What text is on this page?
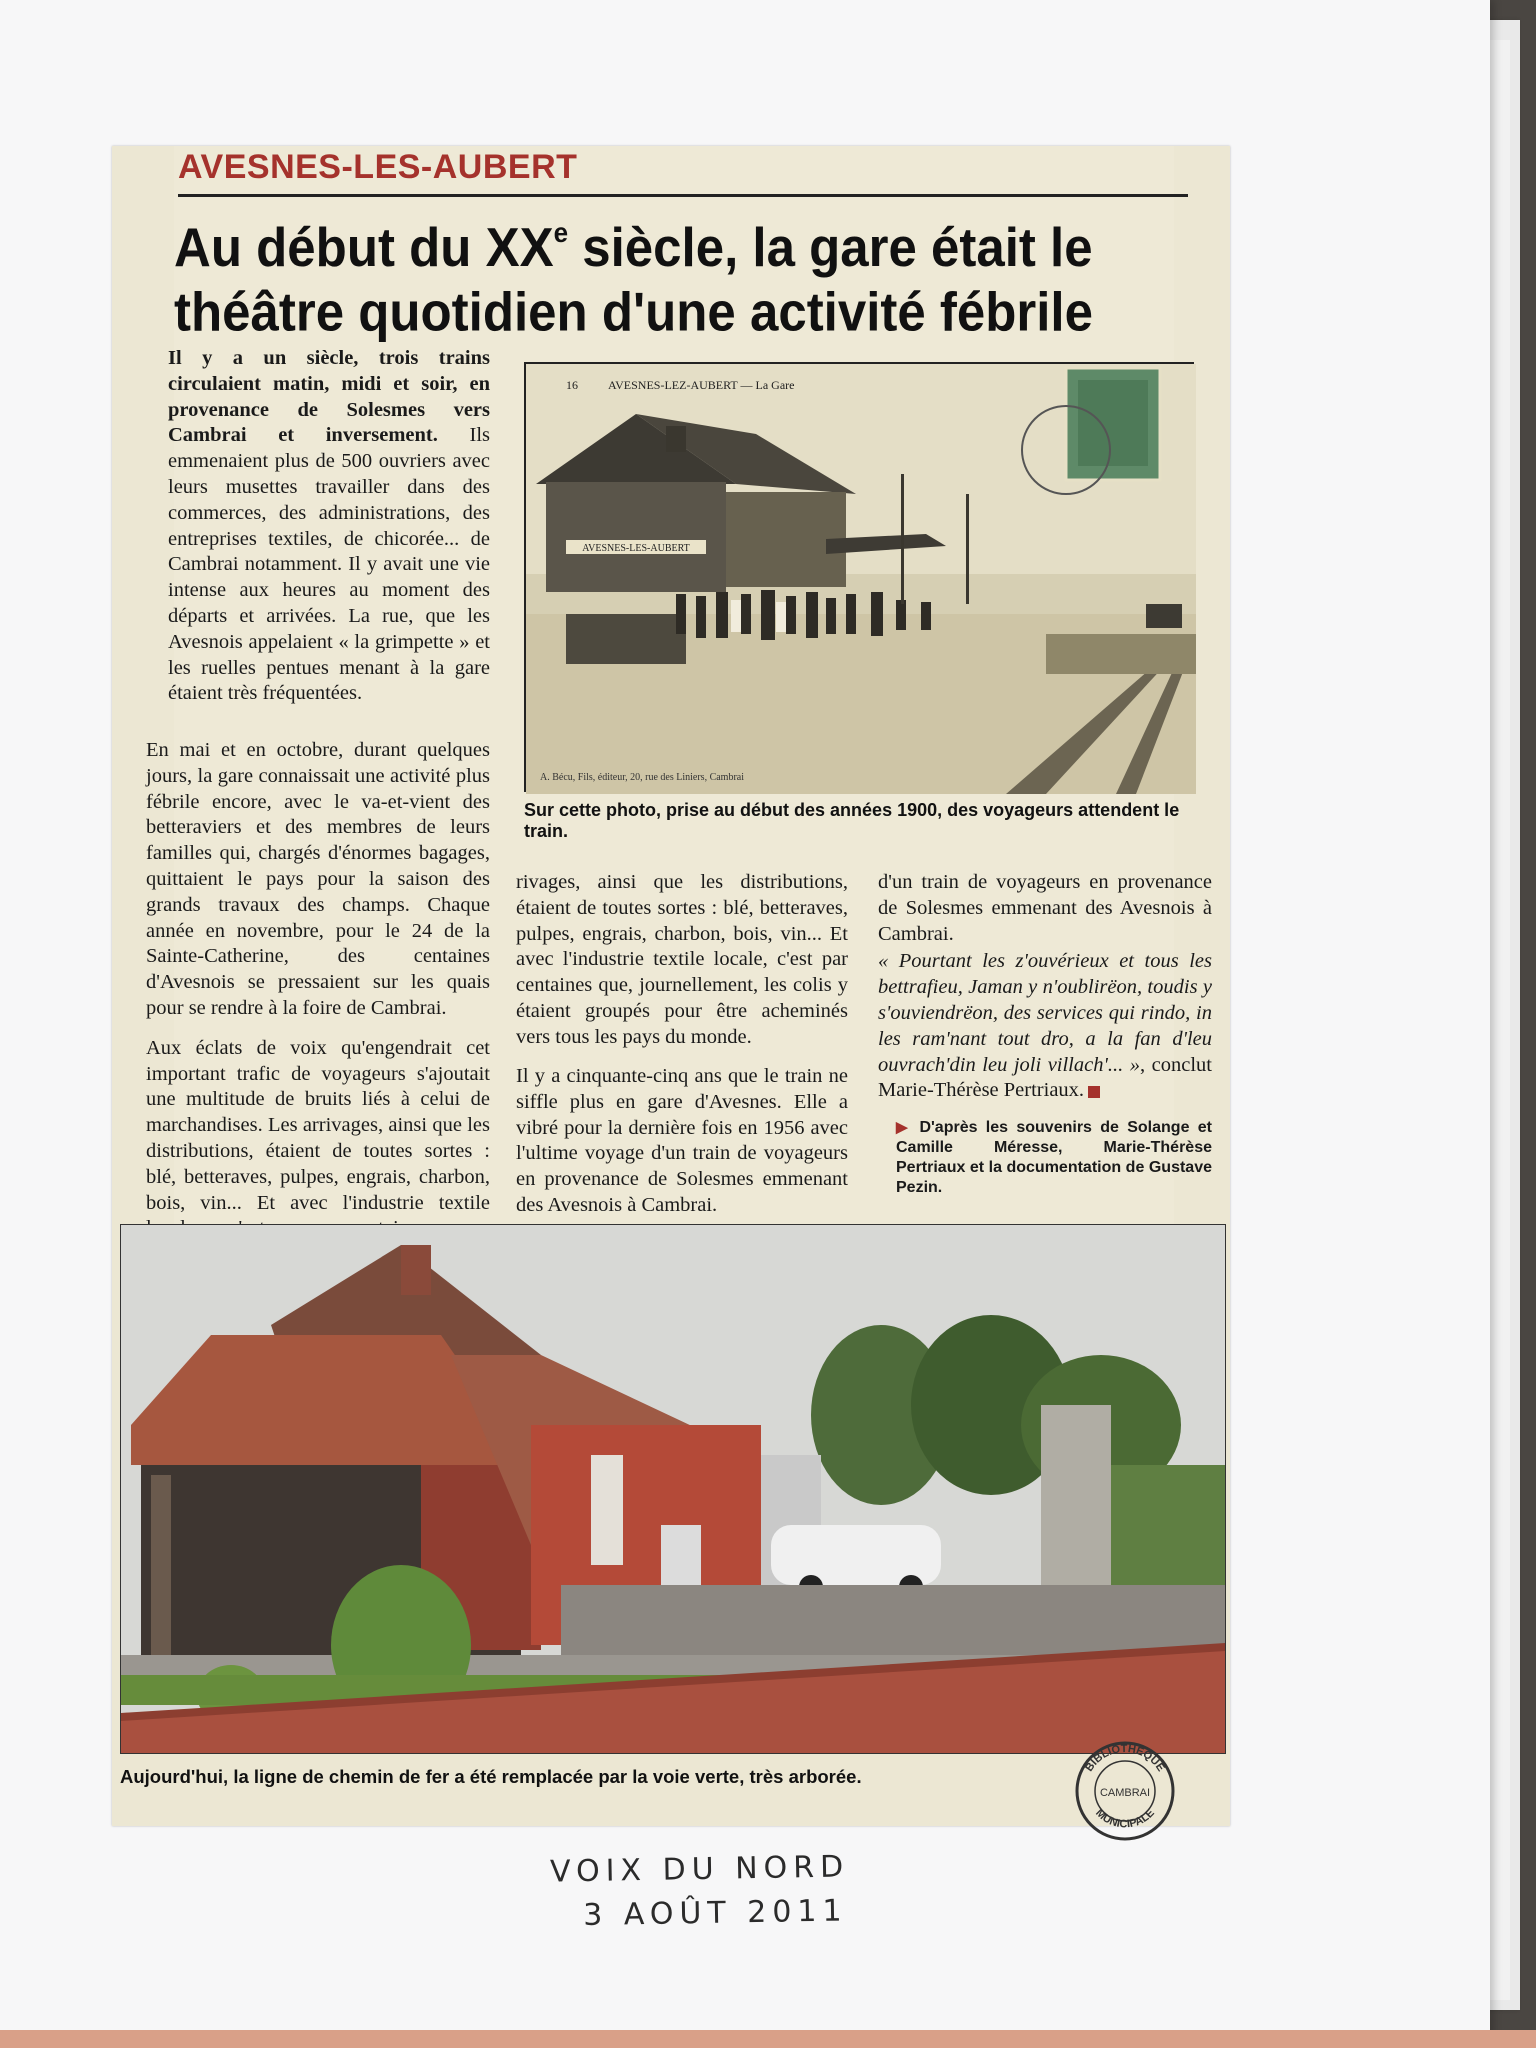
AVESNES-LES-AUBERT
Au début du XXe siècle, la gare était le théâtre quotidien d'une activité fébrile

Il y a un siècle, trois trains circulaient matin, midi et soir, en provenance de Solesmes vers Cambrai et inversement. Ils emmenaient plus de 500 ouvriers avec leurs musettes travailler dans des commerces, des administrations, des entreprises textiles, de chicorée... de Cambrai notamment. Il y avait une vie intense aux heures au moment des départs et arrivées. La rue, que les Avesnois appelaient « la grimpette » et les ruelles pentues menant à la gare étaient très fréquentées.

En mai et en octobre, durant quelques jours, la gare connaissait une activité plus fébrile encore, avec le va-et-vient des betteraviers et des membres de leurs familles qui, chargés d'énormes bagages, quittaient le pays pour la saison des grands travaux des champs. Chaque année en novembre, pour le 24 de la Sainte-Catherine, des centaines d'Avesnois se pressaient sur les quais pour se rendre à la foire de Cambrai.

Aux éclats de voix qu'engendrait cet important trafic de voyageurs s'ajoutait une multitude de bruits liés à celui de marchandises. Les arrivages, ainsi que les distributions, étaient de toutes sortes : blé, betteraves, pulpes, engrais, charbon, bois, vin... Et avec l'industrie textile

rivages, ainsi que les distributions, étaient de toutes sortes : blé, betteraves, pulpes, engrais, charbon, bois, vin... Et avec l'industrie textile locale, c'est par centaines que, journellement, les colis y étaient groupés pour être acheminés vers tous les pays du monde.

Il y a cinquante-cinq ans que le train ne siffle plus en gare d'Avesnes. Elle a vibré pour la dernière fois en 1956 avec l'ultime voyage d'un train de voyageurs en provenance de Solesmes emmenant des Avesnois à Cambrai.

d'un train de voyageurs en provenance de Solesmes emmenant des Avesnois à Cambrai.

« Pourtant les z'ouvérieux et tous les bettrafieu, Jaman y n'oublirëon, toudis y s'ouviendrëon, des services qui rindo, in les ram'nant tout dro, a la fan d'leu ouvrach'din leu joli villach'... », conclut Marie-Thérèse Pertriaux.

▶ D'après les souvenirs de Solange et Camille Méresse, Marie-Thérèse Pertriaux et la documentation de Gustave Pezin.
AVESNES-LES-AUBERT
16	AVESNES-LEZ-AUBERT — La Gare
A. Bécu, Fils, éditeur, 20, rue des Liniers, Cambrai
Sur cette photo, prise au début des années 1900, des voyageurs attendent le train.
Aujourd'hui, la ligne de chemin de fer a été remplacée par la voie verte, très arborée.	BIBLIOTHÈQUE
CAMBRAI
MUNICIPALE
VOIX DU NORD
3 AOÛT 2011
